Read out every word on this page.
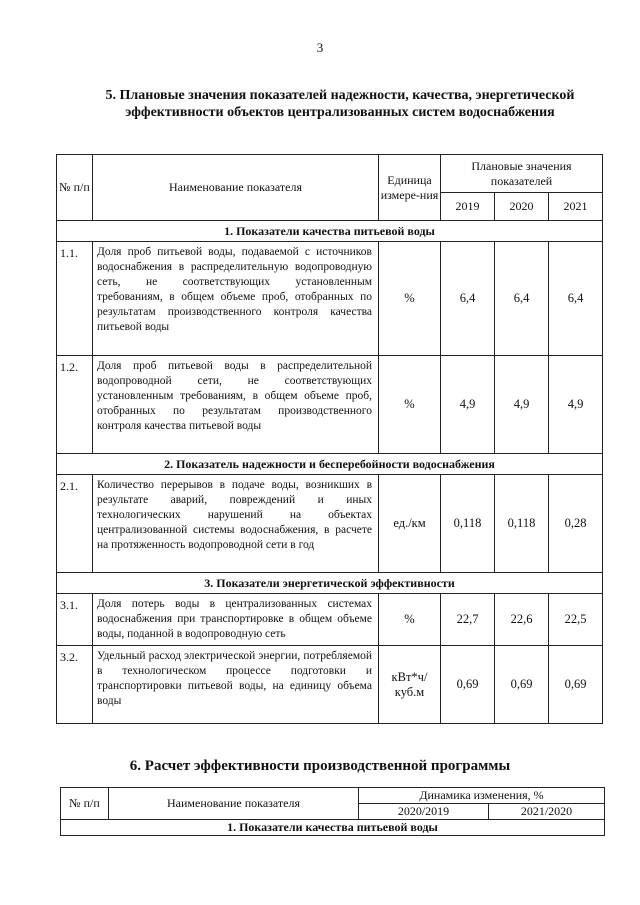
3
5. Плановые значения показателей надежности, качества, энергетической эффективности объектов централизованных систем водоснабжения
№ п/п	Наименование показателя	Единица измере-ния	Плановые значения показателей		
			2019	2020	2021
1. Показатели качества питьевой воды					
1.1.	Доля проб питьевой воды, подаваемой с источников водоснабжения в распределительную водопроводную сеть, не соответствующих установленным требованиям, в общем объеме проб, отобранных по результатам производственного контроля качества питьевой воды	%	6,4	6,4	6,4
1.2.	Доля проб питьевой воды в распределительной водопроводной сети, не соответствующих установленным требованиям, в общем объеме проб, отобранных по результатам производственного контроля качества питьевой воды	%	4,9	4,9	4,9
2. Показатель надежности и бесперебойности водоснабжения					
2.1.	Количество перерывов в подаче воды, возникших в результате аварий, повреждений и иных технологических нарушений на объектах централизованной системы водоснабжения, в расчете на протяженность водопроводной сети в год	ед./км	0,118	0,118	0,28
3. Показатели энергетической эффективности					
3.1.	Доля потерь воды в централизованных системах водоснабжения при транспортировке в общем объеме воды, поданной в водопроводную сеть	%	22,7	22,6	22,5
3.2.	Удельный расход электрической энергии, потребляемой в технологическом процессе подготовки и транспортировки питьевой воды, на единицу объема воды	кВт*ч/ куб.м	0,69	0,69	0,69
6. Расчет эффективности производственной программы
№ п/п	Наименование показателя	Динамика изменения, %	
		2020/2019	2021/2020
1. Показатели качества питьевой воды			
